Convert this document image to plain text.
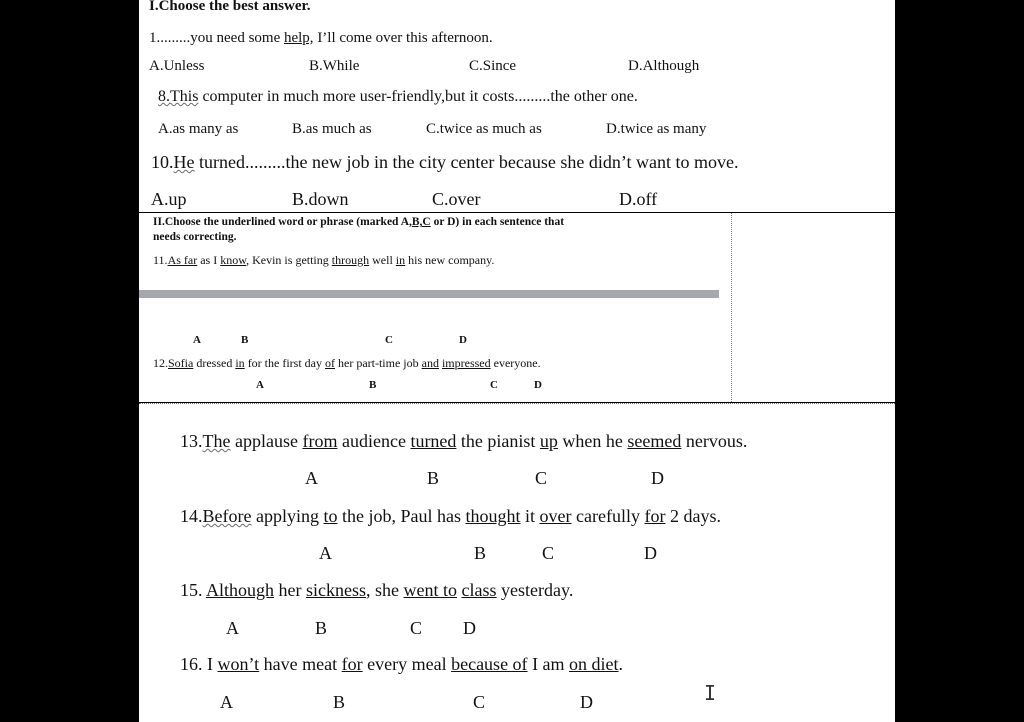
I.Choose the best answer.
1.........you need some help, I’ll come over this afternoon.
A.Unless	B.While	C.Since	D.Although
8.This computer in much more user-friendly,but it costs.........the other one.
A.as many as	B.as much as	C.twice as much as	D.twice as many
10.He turned.........the new job in the city center because she didn’t want to move.
A.up	B.down	C.over	D.off
II.Choose the underlined word or phrase (marked A,B,C or D) in each sentence that
needs correcting.
11.As far as I know, Kevin is getting through well in his new company.
A	B	C	D
12.Sofia dressed in for the first day of her part-time job and impressed everyone.
A	B	C	D
13.The applause from audience turned the pianist up when he seemed nervous.
A	B	C	D
14.Before applying to the job, Paul has thought it over carefully for 2 days.
A	B	C	D
15. Although her sickness, she went to class yesterday.
A	B	C D
16. I won’t have meat for every meal because of I am on diet.
A	B	C	D	I
